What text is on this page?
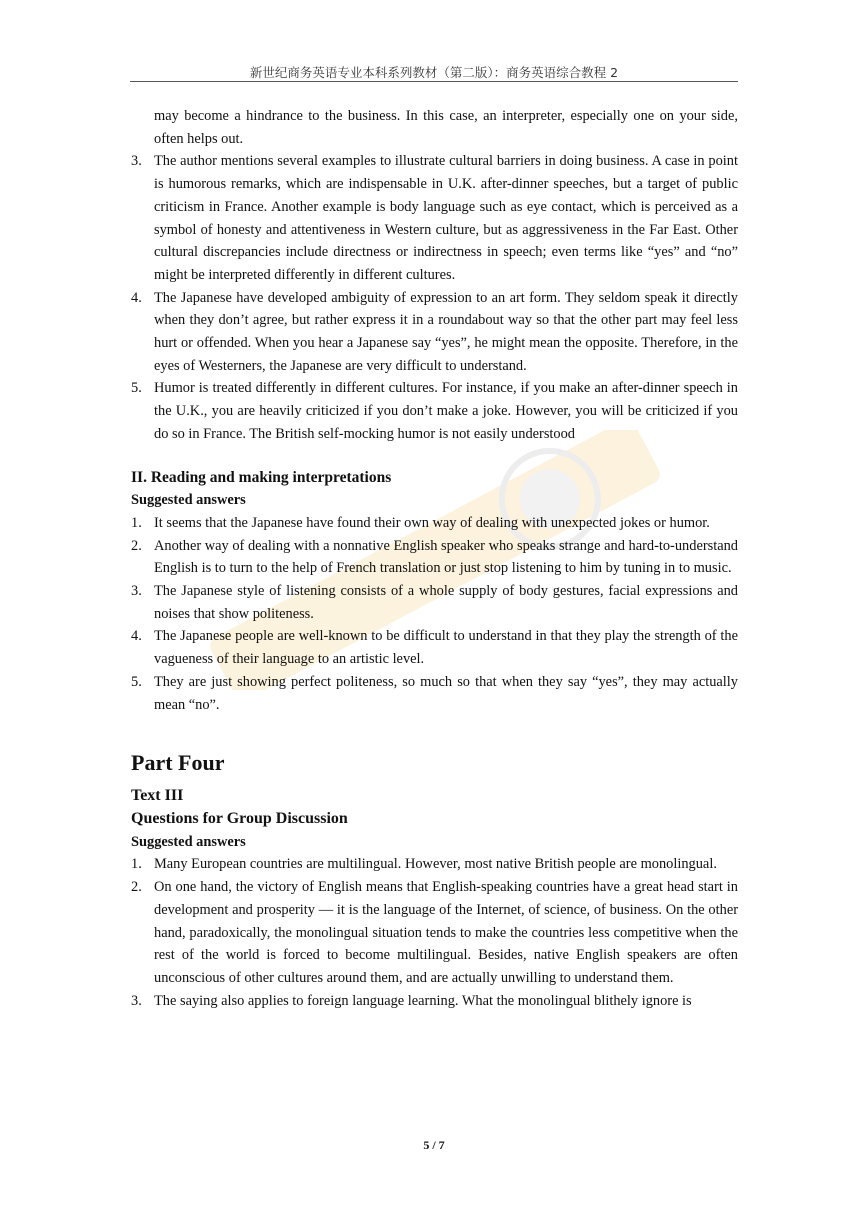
新世纪商务英语专业本科系列教材（第二版）：商务英语综合教程 2

may become a hindrance to the business. In this case, an interpreter, especially one on your side, often helps out.

3. The author mentions several examples to illustrate cultural barriers in doing business. A case in point is humorous remarks, which are indispensable in U.K. after-dinner speeches, but a target of public criticism in France. Another example is body language such as eye contact, which is perceived as a symbol of honesty and attentiveness in Western culture, but as aggressiveness in the Far East. Other cultural discrepancies include directness or indirectness in speech; even terms like “yes” and “no” might be interpreted differently in different cultures.
4. The Japanese have developed ambiguity of expression to an art form. They seldom speak it directly when they don’t agree, but rather express it in a roundabout way so that the other part may feel less hurt or offended. When you hear a Japanese say “yes”, he might mean the opposite. Therefore, in the eyes of Westerners, the Japanese are very difficult to understand.
5. Humor is treated differently in different cultures. For instance, if you make an after-dinner speech in the U.K., you are heavily criticized if you don’t make a joke. However, you will be criticized if you do so in France. The British self-mocking humor is not easily understood

II. Reading and making interpretations

Suggested answers

1. It seems that the Japanese have found their own way of dealing with unexpected jokes or humor.
2. Another way of dealing with a nonnative English speaker who speaks strange and hard-to-understand English is to turn to the help of French translation or just stop listening to him by tuning in to music.
3. The Japanese style of listening consists of a whole supply of body gestures, facial expressions and noises that show politeness.
4. The Japanese people are well-known to be difficult to understand in that they play the strength of the vagueness of their language to an artistic level.
5. They are just showing perfect politeness, so much so that when they say “yes”, they may actually mean “no”.

Part Four

Text III

Questions for Group Discussion

Suggested answers

1. Many European countries are multilingual. However, most native British people are monolingual.
2. On one hand, the victory of English means that English-speaking countries have a great head start in development and prosperity — it is the language of the Internet, of science, of business. On the other hand, paradoxically, the monolingual situation tends to make the countries less competitive when the rest of the world is forced to become multilingual. Besides, native English speakers are often unconscious of other cultures around them, and are actually unwilling to understand them.
3. The saying also applies to foreign language learning. What the monolingual blithely ignore is
5 / 7
